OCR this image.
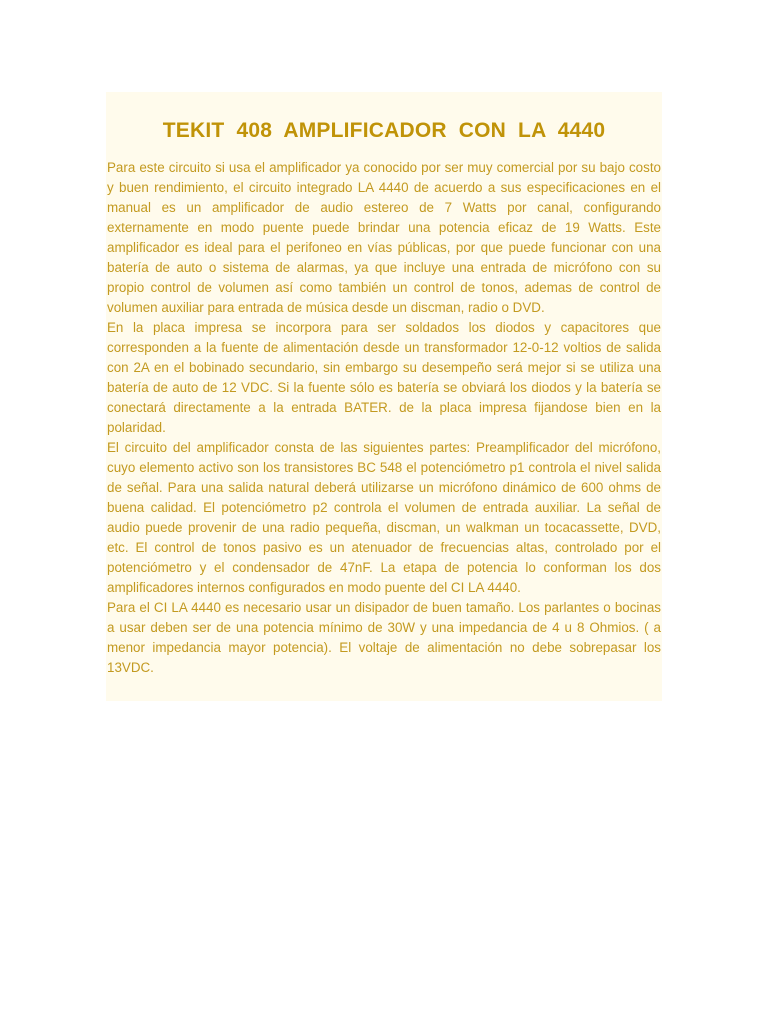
TEKIT 408 AMPLIFICADOR CON LA 4440

Para este circuito si usa el amplificador ya conocido por ser muy comercial por su bajo costo y buen rendimiento, el circuito integrado LA 4440 de acuerdo a sus especificaciones en el manual es un amplificador de audio estereo de 7 Watts por canal, configurando externamente en modo puente puede brindar una potencia eficaz de 19 Watts. Este amplificador es ideal para el perifoneo en vías públicas, por que puede funcionar con una batería de auto o sistema de alarmas, ya que incluye una entrada de micrófono con su propio control de volumen así como también un control de tonos, ademas de control de volumen auxiliar para entrada de música desde un discman, radio o DVD.

En la placa impresa se incorpora para ser soldados los diodos y capacitores que corresponden a la fuente de alimentación desde un transformador 12-0-12 voltios de salida con 2A en el bobinado secundario, sin embargo su desempeño será mejor si se utiliza una batería de auto de 12 VDC. Si la fuente sólo es batería se obviará los diodos y la batería se conectará directamente a la entrada BATER. de la placa impresa fijandose bien en la polaridad.

El circuito del amplificador consta de las siguientes partes: Preamplificador del micrófono, cuyo elemento activo son los transistores BC 548 el potenciómetro p1 controla el nivel salida de señal. Para una salida natural deberá utilizarse un micrófono dinámico de 600 ohms de buena calidad. El potenciómetro p2 controla el volumen de entrada auxiliar. La señal de audio puede provenir de una radio pequeña, discman, un walkman un tocacassette, DVD, etc. El control de tonos pasivo es un atenuador de frecuencias altas, controlado por el potenciómetro y el condensador de 47nF. La etapa de potencia lo conforman los dos amplificadores internos configurados en modo puente del CI LA 4440.

Para el CI LA 4440 es necesario usar un disipador de buen tamaño. Los parlantes o bocinas a usar deben ser de una potencia mínimo de 30W y una impedancia de 4 u 8 Ohmios. ( a menor impedancia mayor potencia). El voltaje de alimentación no debe sobrepasar los 13VDC.
